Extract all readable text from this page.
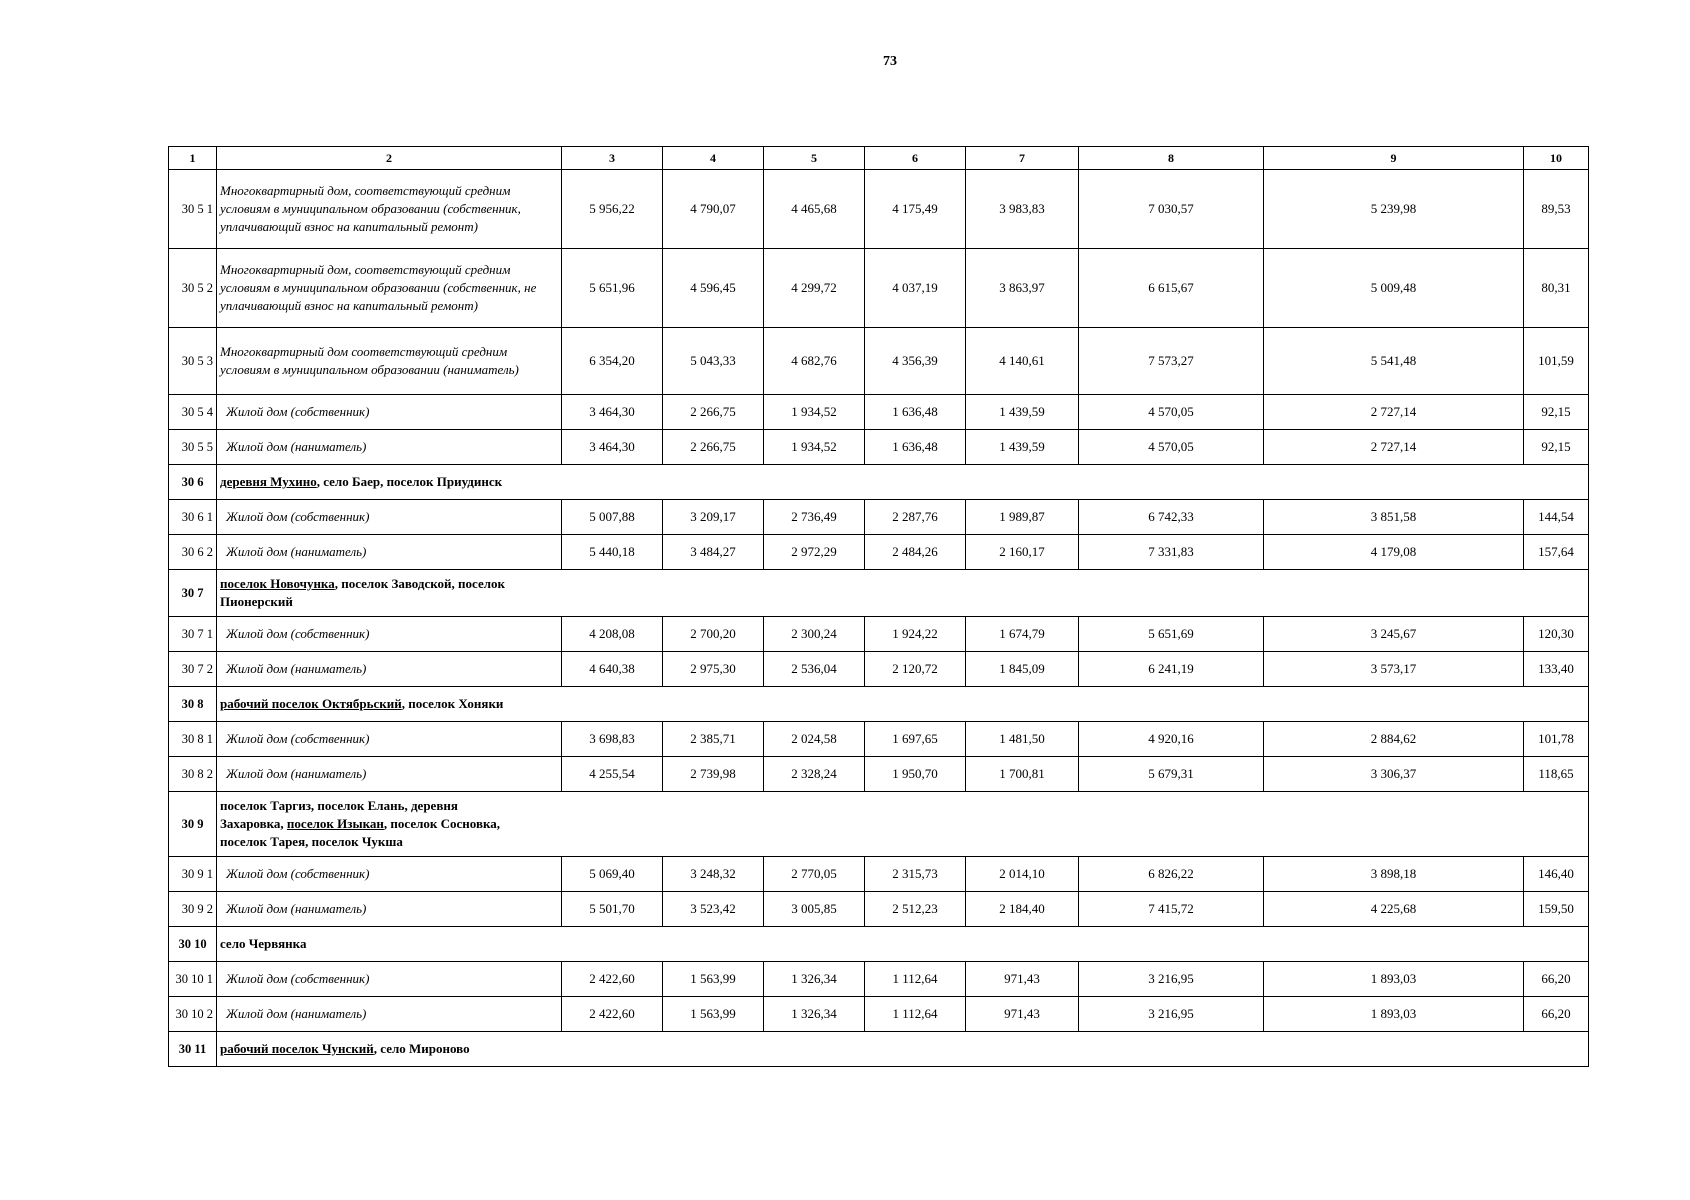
73
1	2	3	4	5	6	7	8	9	10
30 5 1	Многоквартирный дом, соответствующий средним условиям в муниципальном образовании (собственник, уплачивающий взнос на капитальный ремонт)	5 956,22	4 790,07	4 465,68	4 175,49	3 983,83	7 030,57	5 239,98	89,53
30 5 2	Многоквартирный дом, соответствующий средним условиям в муниципальном образовании (собственник, не уплачивающий взнос на капитальный ремонт)	5 651,96	4 596,45	4 299,72	4 037,19	3 863,97	6 615,67	5 009,48	80,31
30 5 3	Многоквартирный дом соответствующий средним условиям в муниципальном образовании (наниматель)	6 354,20	5 043,33	4 682,76	4 356,39	4 140,61	7 573,27	5 541,48	101,59
30 5 4	Жилой дом (собственник)	3 464,30	2 266,75	1 934,52	1 636,48	1 439,59	4 570,05	2 727,14	92,15
30 5 5	Жилой дом (наниматель)	3 464,30	2 266,75	1 934,52	1 636,48	1 439,59	4 570,05	2 727,14	92,15
30 6	деревня Мухино, село Баер, поселок Приудинск								

30 6 1	Жилой дом (собственник)	5 007,88	3 209,17	2 736,49	2 287,76	1 989,87	6 742,33	3 851,58	144,54
30 6 2	Жилой дом (наниматель)	5 440,18	3 484,27	2 972,29	2 484,26	2 160,17	7 331,83	4 179,08	157,64
30 7	поселок Новочунка, поселок Заводской, поселок Пионерский								

30 7 1	Жилой дом (собственник)	4 208,08	2 700,20	2 300,24	1 924,22	1 674,79	5 651,69	3 245,67	120,30
30 7 2	Жилой дом (наниматель)	4 640,38	2 975,30	2 536,04	2 120,72	1 845,09	6 241,19	3 573,17	133,40
30 8	рабочий поселок Октябрьский, поселок Хоняки								

30 8 1	Жилой дом (собственник)	3 698,83	2 385,71	2 024,58	1 697,65	1 481,50	4 920,16	2 884,62	101,78
30 8 2	Жилой дом (наниматель)	4 255,54	2 739,98	2 328,24	1 950,70	1 700,81	5 679,31	3 306,37	118,65
30 9	поселок Таргиз, поселок Елань, деревня Захаровка, поселок Изыкан, поселок Сосновка, поселок Тарея, поселок Чукша								

30 9 1	Жилой дом (собственник)	5 069,40	3 248,32	2 770,05	2 315,73	2 014,10	6 826,22	3 898,18	146,40
30 9 2	Жилой дом (наниматель)	5 501,70	3 523,42	3 005,85	2 512,23	2 184,40	7 415,72	4 225,68	159,50
30 10	село Червянка								

30 10 1	Жилой дом (собственник)	2 422,60	1 563,99	1 326,34	1 112,64	971,43	3 216,95	1 893,03	66,20
30 10 2	Жилой дом (наниматель)	2 422,60	1 563,99	1 326,34	1 112,64	971,43	3 216,95	1 893,03	66,20
30 11	рабочий поселок Чунский, село Мироново								
